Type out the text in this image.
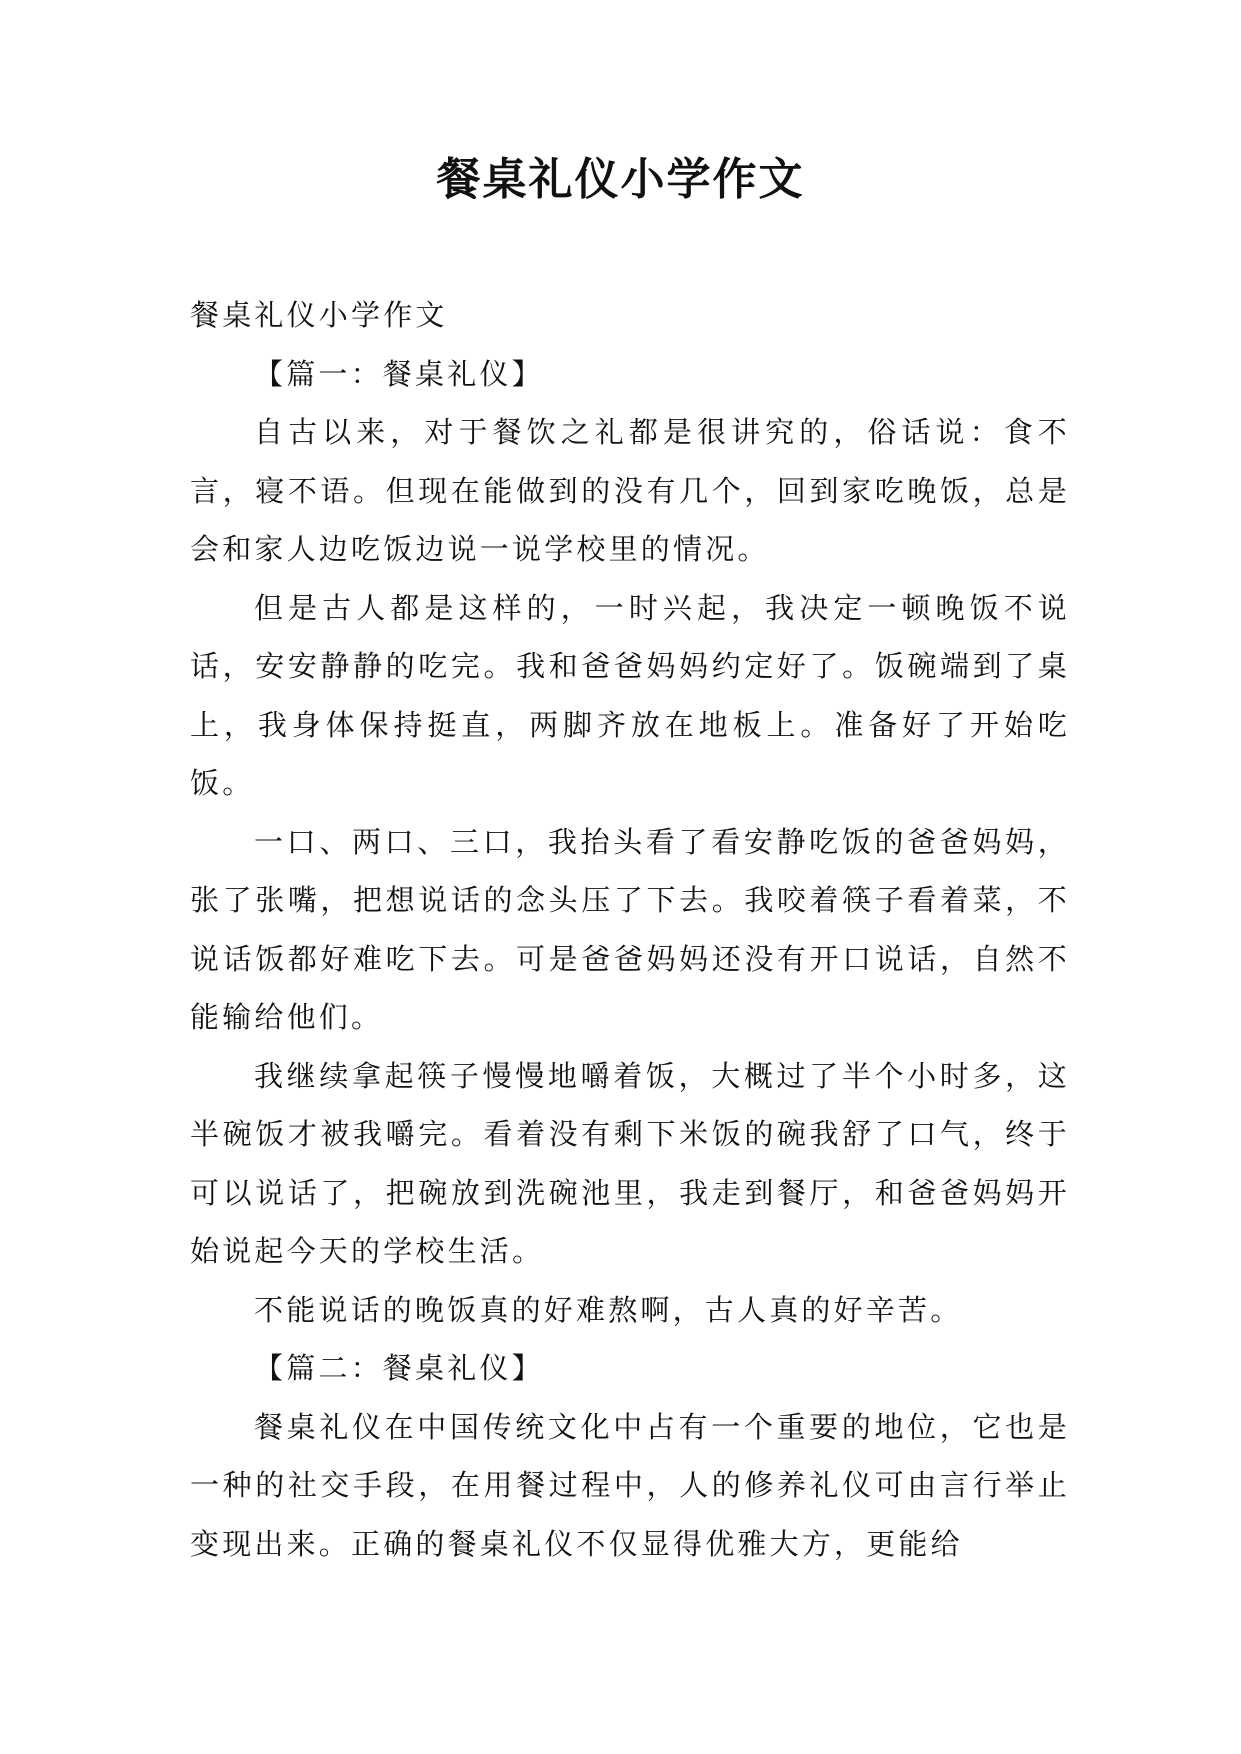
餐桌礼仪小学作文

餐桌礼仪小学作文

【篇一：餐桌礼仪】

自古以来，对于餐饮之礼都是很讲究的，俗话说：食不言，寝不语。但现在能做到的没有几个，回到家吃晚饭，总是会和家人边吃饭边说一说学校里的情况。

但是古人都是这样的，一时兴起，我决定一顿晚饭不说话，安安静静的吃完。我和爸爸妈妈约定好了。饭碗端到了桌上，我身体保持挺直，两脚齐放在地板上。准备好了开始吃饭。

一口、两口、三口，我抬头看了看安静吃饭的爸爸妈妈，张了张嘴，把想说话的念头压了下去。我咬着筷子看着菜，不说话饭都好难吃下去。可是爸爸妈妈还没有开口说话，自然不能输给他们。

我继续拿起筷子慢慢地嚼着饭，大概过了半个小时多，这半碗饭才被我嚼完。看着没有剩下米饭的碗我舒了口气，终于可以说话了，把碗放到洗碗池里，我走到餐厅，和爸爸妈妈开始说起今天的学校生活。

不能说话的晚饭真的好难熬啊，古人真的好辛苦。

【篇二：餐桌礼仪】

餐桌礼仪在中国传统文化中占有一个重要的地位，它也是一种的社交手段，在用餐过程中，人的修养礼仪可由言行举止变现出来。正确的餐桌礼仪不仅显得优雅大方，更能给
